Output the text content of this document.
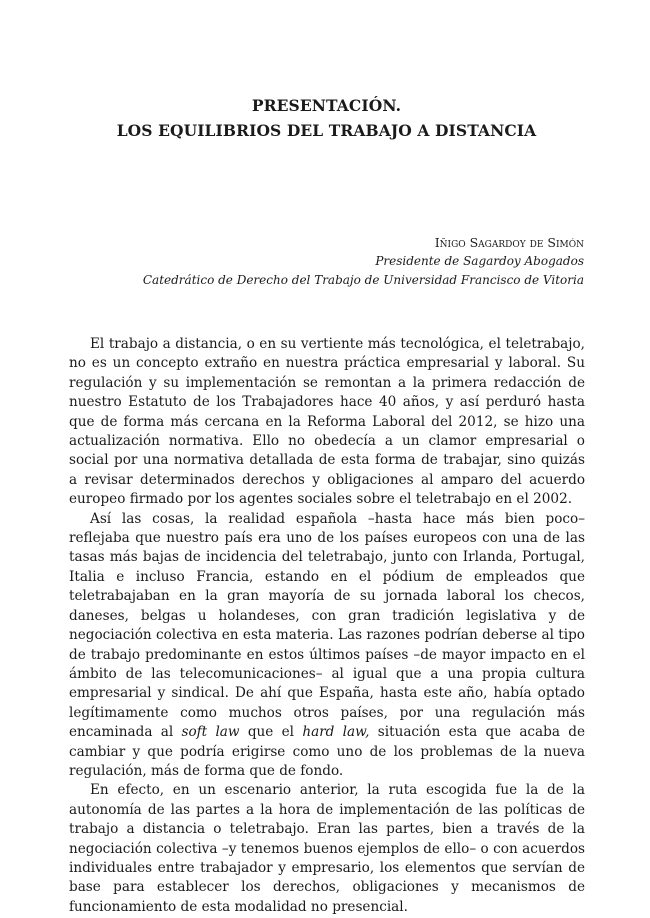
PRESENTACIÓN.
LOS EQUILIBRIOS DEL TRABAJO A DISTANCIA
Iñigo Sagardoy de Simón
Presidente de Sagardoy Abogados
Catedrático de Derecho del Trabajo de Universidad Francisco de Vitoria

El trabajo a distancia, o en su vertiente más tecnológica, el teletrabajo, no es un concepto extraño en nuestra práctica empresarial y laboral. Su regulación y su implementación se remontan a la primera redacción de nuestro Estatuto de los Trabajadores hace 40 años, y así perduró hasta que de forma más cercana en la Reforma Laboral del 2012, se hizo una actualización normativa. Ello no obedecía a un clamor empresarial o social por una normativa detallada de esta forma de trabajar, sino quizás a revisar determinados derechos y obligaciones al amparo del acuerdo europeo firmado por los agentes sociales sobre el teletrabajo en el 2002.

Así las cosas, la realidad española –hasta hace más bien poco– reflejaba que nuestro país era uno de los países europeos con una de las tasas más bajas de incidencia del teletrabajo, junto con Irlanda, Portugal, Italia e incluso Francia, estando en el pódium de empleados que teletrabajaban en la gran mayoría de su jornada laboral los checos, daneses, belgas u holandeses, con gran tradición legislativa y de negociación colectiva en esta materia. Las razones podrían deberse al tipo de trabajo predominante en estos últimos países –de mayor impacto en el ámbito de las telecomunicaciones– al igual que a una propia cultura empresarial y sindical. De ahí que España, hasta este año, había optado legítimamente como muchos otros países, por una regulación más encaminada al soft law que el hard law, situación esta que acaba de cambiar y que podría erigirse como uno de los problemas de la nueva regulación, más de forma que de fondo.

En efecto, en un escenario anterior, la ruta escogida fue la de la autonomía de las partes a la hora de implementación de las políticas de trabajo a distancia o teletrabajo. Eran las partes, bien a través de la negociación colectiva –y tenemos buenos ejemplos de ello– o con acuerdos individuales entre trabajador y empresario, los elementos que servían de base para establecer los derechos, obligaciones y mecanismos de funcionamiento de esta modalidad no presencial.
